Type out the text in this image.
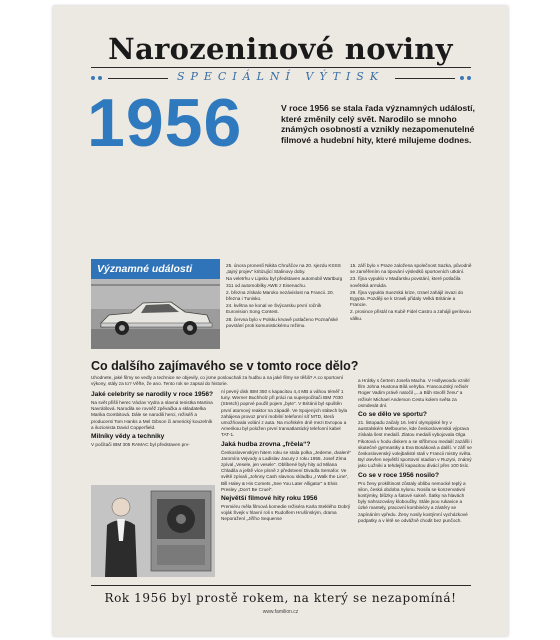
Narozeninové noviny
SPECIÁLNÍ VÝTISK
1956	V roce 1956 se stala řada významných událostí, které změnily celý svět. Narodilo se mnoho známých osobností a vznikly nezapomenutelné filmové a hudební hity, které milujeme dodnes.
Významné události	25. února proneslí Nikita Chruščov na 20. sjezdu KSSS „tajný projev“ kritizující Stalinovy doby.

Na veletrhu v Lipsku byl představen automobil Wartburg 311 od automobilky AWE z Eisenachu.

2. března získalo Maroko nezávislost na Francii. 20. března i Tunisko.

24. května se konal ve Švýcarsku první ročník Eurovision Song Contest.

28. června bylo v Polsku krvavě potlačeno Poznaňské povstání proti komunistickému režimu.

15. září bylo v Praze založena společnost Sazka, původně se zaměřením na tipování výsledků sportovních utkání.

23. října vypuklo v Maďarsku povstání, které potlačila sovětská armáda.

29. října vypukla Suezská krize, Izrael zahájil invazi do Egypta. Později se k Izraeli přidaly Velká Británie a Francie.

2. prosince přistál na Kubě Fidel Castro a zahájil gerilovou válku.

Co dalšího zajímavého se v tomto roce dělo?
Uhodnete, jaké filmy se vedly a technice se objevily, co jsme poslouchali za hudbu a na jaké filmy se těšili? A co sportovní výkony, stály za to? Věřte, že ano. Tento rok se zapsal do historie.
Jaké celebrity se narodily v roce 1956?

Na svět přišli herec Václav Vydra a slavná tenistka Martina Navrátilová. Narodila se rovněž zpěvačka a skladatelka Marika Gombitová. Dále se narodili herci, režiséři a producenti Tom Hanks a Mel Gibson či americký kouzelník a iluzionista David Copperfield.

Milníky vědy a techniky

V počítači IBM 305 RAMAC byl představen prv-

ní pevný disk IBM 350 s kapacitou 4,4 MB a váhou téměř 1 tuny. Werner Buchholz při práci na superpočítači IBM 7030 (Stretch) poprvé použil pojem „byte“. V Británii byl spuštěn první atomový reaktor na západě. Ve Spojených státech byla zahájena provoz první mobilní telefonní síť MTD, která umožňovala volání z auta. Na mořském dně mezi Evropou a Amerikou byl položen první transatlantický telefonní kabel TAT-1.

Jaká hudba zrovna „frčela“?

Československým hitem roku se stala polka „Jedeme, dvaleré“ Jaromíra Vejvody a Ladislav Jacury z roku 1955. Josef Zíma zpíval „Vesele, jen vesele“. Oblíbené byly hity od Milana Chladila a ještě více písně z předstvení Divadla Semafor. Ve světě zpívali „Johnny Cash slavnou skladbu „I Walk the Line“, Bill Haley & His Comets „See You Later Alligator“ a Elvis Presley „Don't Be Cruel“.

Největší filmové hity roku 1956

Premiéru měla filmová komedie režiséra Karla Steklého Dobrý voják Švejk v hlavní roli s Rudolfem Hrušínským, drama Neporažení „Jiřího Sequense

a Hrátky s čertem Josefa Macha. V Hollywoodu vznikl film Johna Hustona Bílá velryba. Francouzský režisér Roger Vadim právě natočil „...a Bůh stvořil ženu“ a režisér Michael Anderson Cestu kolem světa za osmdesát dní.

Co se dělo ve sportu?

21. listopadu začaly 16. letní olympijské hry v australském Melbourne, kde československá výprava získala šest medailí. Zlatou medaili vybojovala Olga Fikotová v hodu diskem a se stříbrnou medailí zazářili i skutečné gymnastky a Eva Bosáková a další. V září se československý volejbalisté stali v Francii mistry světa. Byl otevřen největší sportovní stadion v Ruzyni, známý jako Lužniki a tehdejší kapacitou divácí přes 100 tisíc.

Co se v roce 1956 nosilo?

Pro ženy proklítinost zůstaly oblibu nemocké teplý a silon, česká obdoba nylonu. Nosila se konzervativní kostýmky, blůzky a šatové sukně. Šatky na hlavách byly nahrazovány kloboučky. Stále jsou rukavice a úzké mantely, pracovní kombinézy a zástěry se zapínáním vpředu. Ženy nosily kostýmní vycházkové podpatky a v létě se odvážně chodit bez punčoch.

Rok 1956 byl prostě rokem, na který se nezapomíná!
www.familion.cz
